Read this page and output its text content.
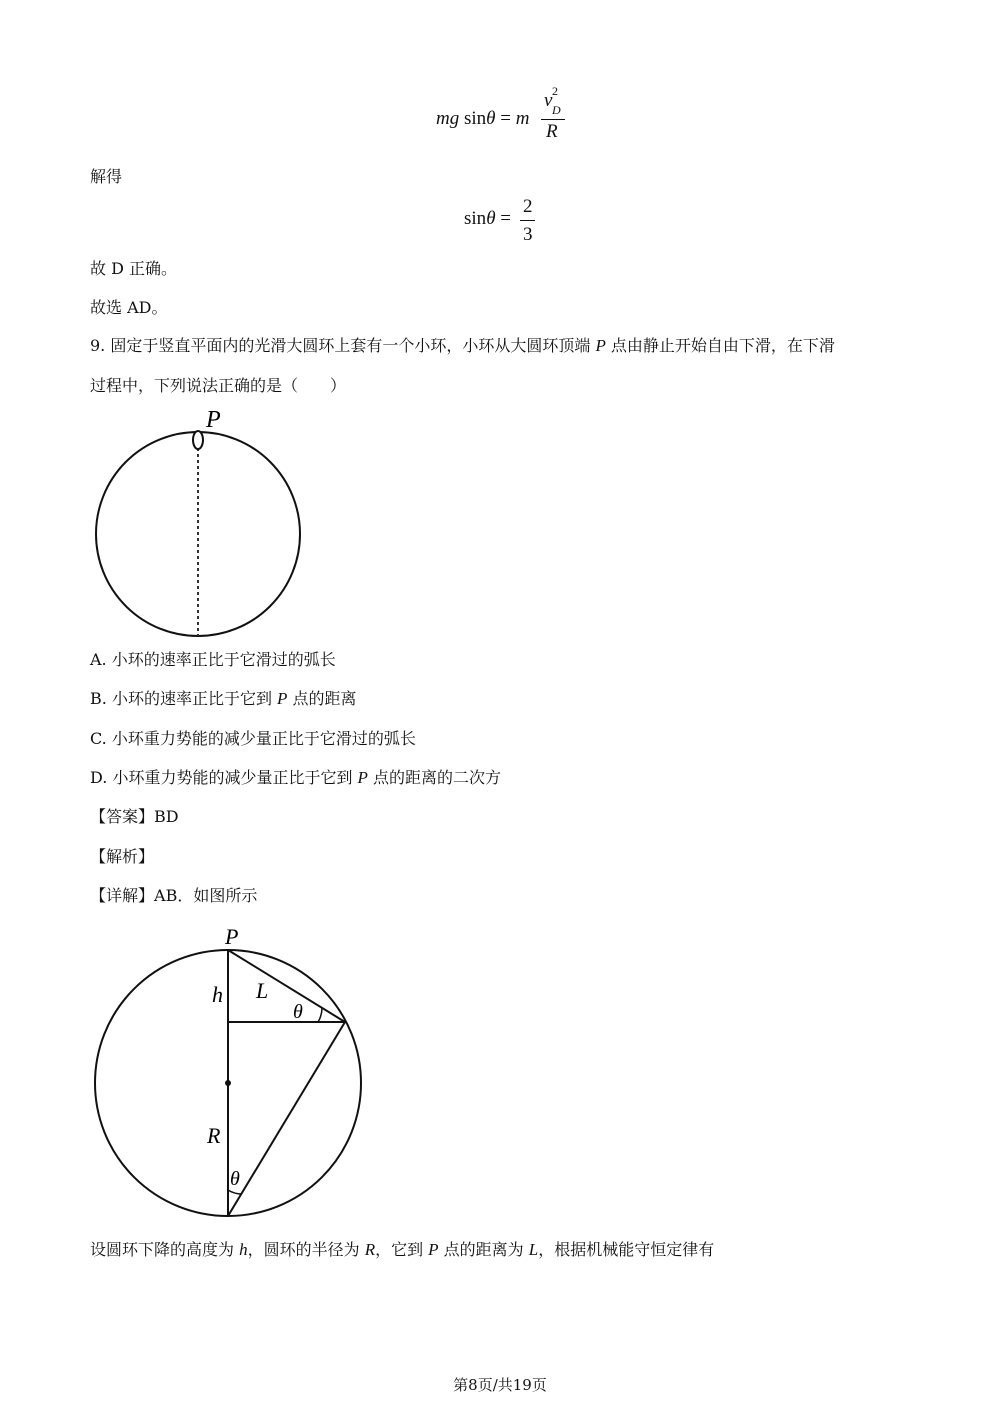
mg sinθ = m
v 2
D
R
解得
sinθ =
2
3
故 D 正确。
故选 AD。
9. 固定于竖直平面内的光滑大圆环上套有一个小环，小环从大圆环顶端 P 点由静止开始自由下滑，在下滑
过程中，下列说法正确的是（　　）
P
A. 小环的速率正比于它滑过的弧长
B. 小环的速率正比于它到 P 点的距离
C. 小环重力势能的减少量正比于它滑过的弧长
D. 小环重力势能的减少量正比于它到 P 点的距离的二次方
【答案】BD
【解析】
【详解】AB．如图所示
P
h L
θ
R
θ
设圆环下降的高度为 h，圆环的半径为 R，它到 P 点的距离为 L，根据机械能守恒定律有
第8页/共19页
